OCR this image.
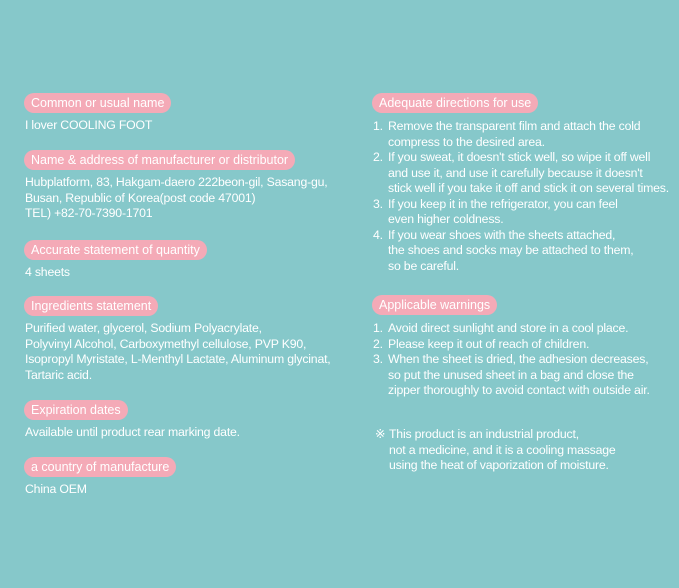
Common or usual name
I lover COOLING FOOT
Name & address of manufacturer or distributor
Hubplatform, 83, Hakgam-daero 222beon-gil, Sasang-gu,
Busan, Republic of Korea(post code 47001)
TEL) +82-70-7390-1701
Accurate statement of quantity
4 sheets
Ingredients statement
Purified water, glycerol, Sodium Polyacrylate,
Polyvinyl Alcohol, Carboxymethyl cellulose, PVP K90,
Isopropyl Myristate, L-Menthyl Lactate, Aluminum glycinat,
Tartaric acid.
Expiration dates
Available until product rear marking date.
a country of manufacture
China OEM
Adequate directions for use
1. Remove the transparent film and attach the cold
compress to the desired area.
2. If you sweat, it doesn't stick well, so wipe it off well
and use it, and use it carefully because it doesn't
stick well if you take it off and stick it on several times.
3. If you keep it in the refrigerator, you can feel
even higher coldness.
4. If you wear shoes with the sheets attached,
the shoes and socks may be attached to them,
so be careful.
Applicable warnings
1. Avoid direct sunlight and store in a cool place.
2. Please keep it out of reach of children.
3. When the sheet is dried, the adhesion decreases,
so put the unused sheet in a bag and close the
zipper thoroughly to avoid contact with outside air.
※ This product is an industrial product,
not a medicine, and it is a cooling massage
using the heat of vaporization of moisture.
